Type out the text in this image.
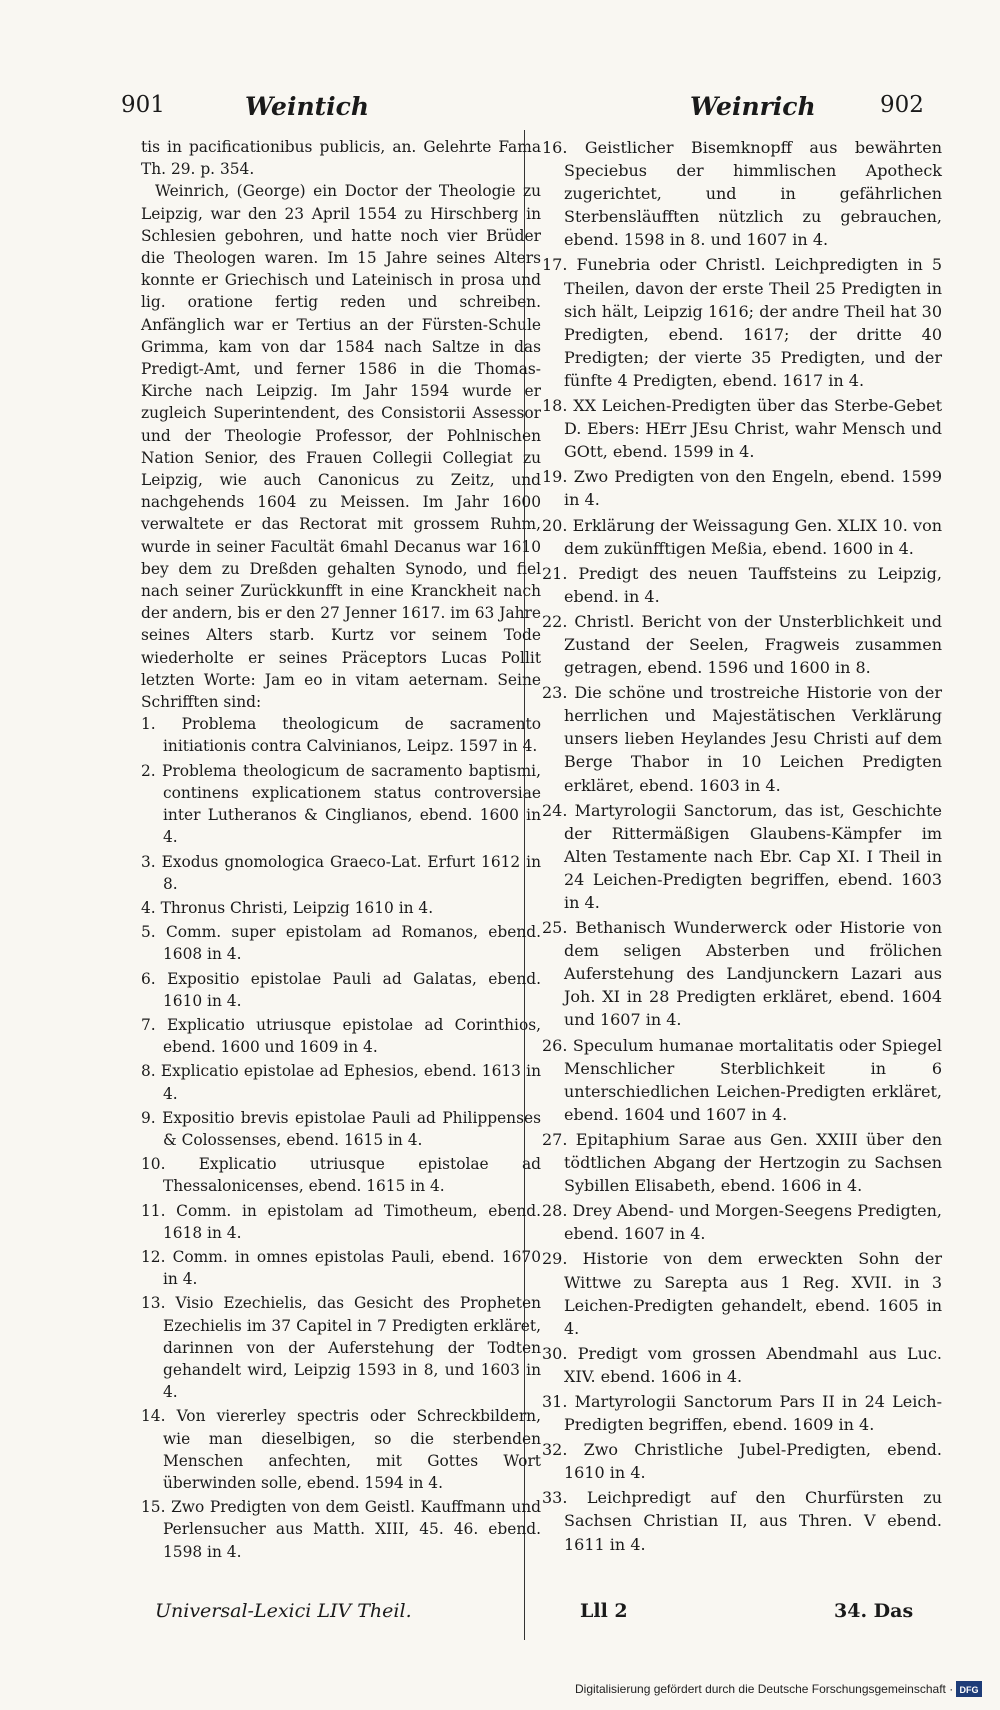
901	Weintich	Weinrich	902

tis in pacificationibus publicis, an. Gelehrte Fama Th. 29. p. 354.

Weinrich, (George) ein Doctor der Theologie zu Leipzig, war den 23 April 1554 zu Hirschberg in Schlesien gebohren, und hatte noch vier Brüder die Theologen waren. Im 15 Jahre seines Alters konnte er Griechisch und Lateinisch in prosa und lig. oratione fertig reden und schreiben. Anfänglich war er Tertius an der Fürsten-Schule Grimma, kam von dar 1584 nach Saltze in das Predigt-Amt, und ferner 1586 in die Thomas-Kirche nach Leipzig. Im Jahr 1594 wurde er zugleich Superintendent, des Consistorii Assessor und der Theologie Professor, der Pohlnischen Nation Senior, des Frauen Collegii Collegiat zu Leipzig, wie auch Canonicus zu Zeitz, und nachgehends 1604 zu Meissen. Im Jahr 1600 verwaltete er das Rectorat mit grossem Ruhm, wurde in seiner Facultät 6mahl Decanus war 1610 bey dem zu Dreßden gehalten Synodo, und fiel nach seiner Zurückkunfft in eine Kranckheit nach der andern, bis er den 27 Jenner 1617. im 63 Jahre seines Alters starb. Kurtz vor seinem Tode wiederholte er seines Präceptors Lucas Pollit letzten Worte: Jam eo in vitam aeternam. Seine Schrifften sind:

1. Problema theologicum de sacramento initiationis contra Calvinianos, Leipz. 1597 in 4.
2. Problema theologicum de sacramento baptismi, continens explicationem status controversiae inter Lutheranos & Cinglianos, ebend. 1600 in 4.
3. Exodus gnomologica Graeco-Lat. Erfurt 1612 in 8.
4. Thronus Christi, Leipzig 1610 in 4.
5. Comm. super epistolam ad Romanos, ebend. 1608 in 4.
6. Expositio epistolae Pauli ad Galatas, ebend. 1610 in 4.
7. Explicatio utriusque epistolae ad Corinthios, ebend. 1600 und 1609 in 4.
8. Explicatio epistolae ad Ephesios, ebend. 1613 in 4.
9. Expositio brevis epistolae Pauli ad Philippenses & Colossenses, ebend. 1615 in 4.
10. Explicatio utriusque epistolae ad Thessalonicenses, ebend. 1615 in 4.
11. Comm. in epistolam ad Timotheum, ebend. 1618 in 4.
12. Comm. in omnes epistolas Pauli, ebend. 1670 in 4.
13. Visio Ezechielis, das Gesicht des Propheten Ezechielis im 37 Capitel in 7 Predigten erkläret, darinnen von der Auferstehung der Todten gehandelt wird, Leipzig 1593 in 8, und 1603 in 4.
14. Von viererley spectris oder Schreckbildern, wie man dieselbigen, so die sterbenden Menschen anfechten, mit Gottes Wort überwinden solle, ebend. 1594 in 4.
15. Zwo Predigten von dem Geistl. Kauffmann und Perlensucher aus Matth. XIII, 45. 46. ebend. 1598 in 4.
16. Geistlicher Bisemknopff aus bewährten Speciebus der himmlischen Apotheck zugerichtet, und in gefährlichen Sterbensläufften nützlich zu gebrauchen, ebend. 1598 in 8. und 1607 in 4.
17. Funebria oder Christl. Leichpredigten in 5 Theilen, davon der erste Theil 25 Predigten in sich hält, Leipzig 1616; der andre Theil hat 30 Predigten, ebend. 1617; der dritte 40 Predigten; der vierte 35 Predigten, und der fünfte 4 Predigten, ebend. 1617 in 4.
18. XX Leichen-Predigten über das Sterbe-Gebet D. Ebers: HErr JEsu Christ, wahr Mensch und GOtt, ebend. 1599 in 4.
19. Zwo Predigten von den Engeln, ebend. 1599 in 4.
20. Erklärung der Weissagung Gen. XLIX 10. von dem zukünfftigen Meßia, ebend. 1600 in 4.
21. Predigt des neuen Tauffsteins zu Leipzig, ebend. in 4.
22. Christl. Bericht von der Unsterblichkeit und Zustand der Seelen, Fragweis zusammen getragen, ebend. 1596 und 1600 in 8.
23. Die schöne und trostreiche Historie von der herrlichen und Majestätischen Verklärung unsers lieben Heylandes Jesu Christi auf dem Berge Thabor in 10 Leichen Predigten erkläret, ebend. 1603 in 4.
24. Martyrologii Sanctorum, das ist, Geschichte der Rittermäßigen Glaubens-Kämpfer im Alten Testamente nach Ebr. Cap XI. I Theil in 24 Leichen-Predigten begriffen, ebend. 1603 in 4.
25. Bethanisch Wunderwerck oder Historie von dem seligen Absterben und frölichen Auferstehung des Landjunckern Lazari aus Joh. XI in 28 Predigten erkläret, ebend. 1604 und 1607 in 4.
26. Speculum humanae mortalitatis oder Spiegel Menschlicher Sterblichkeit in 6 unterschiedlichen Leichen-Predigten erkläret, ebend. 1604 und 1607 in 4.
27. Epitaphium Sarae aus Gen. XXIII über den tödtlichen Abgang der Hertzogin zu Sachsen Sybillen Elisabeth, ebend. 1606 in 4.
28. Drey Abend- und Morgen-Seegens Predigten, ebend. 1607 in 4.
29. Historie von dem erweckten Sohn der Wittwe zu Sarepta aus 1 Reg. XVII. in 3 Leichen-Predigten gehandelt, ebend. 1605 in 4.
30. Predigt vom grossen Abendmahl aus Luc. XIV. ebend. 1606 in 4.
31. Martyrologii Sanctorum Pars II in 24 Leich-Predigten begriffen, ebend. 1609 in 4.
32. Zwo Christliche Jubel-Predigten, ebend. 1610 in 4.
33. Leichpredigt auf den Churfürsten zu Sachsen Christian II, aus Thren. V ebend. 1611 in 4.
Universal-Lexici LIV Theil.	Lll 2	34. Das
Digitalisierung gefördert durch die Deutsche Forschungsgemeinschaft · DFG
